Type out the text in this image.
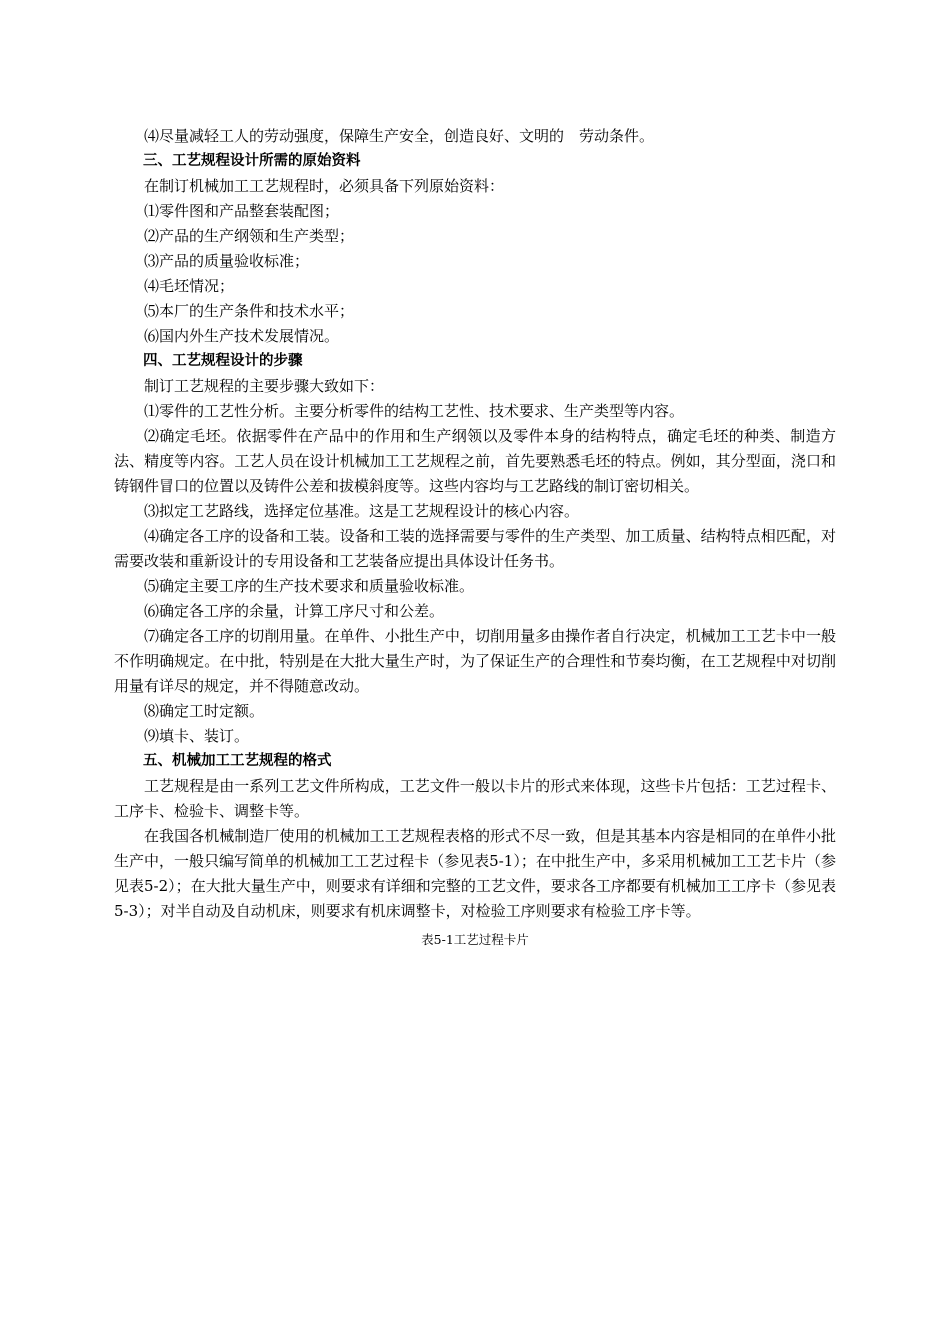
⑷尽量减轻工人的劳动强度，保障生产安全，创造良好、文明的　劳动条件。

三、工艺规程设计所需的原始资料

在制订机械加工工艺规程时，必须具备下列原始资料：

⑴零件图和产品整套装配图；

⑵产品的生产纲领和生产类型；

⑶产品的质量验收标准；

⑷毛坯情况；

⑸本厂的生产条件和技术水平；

⑹国内外生产技术发展情况。

四、工艺规程设计的步骤

制订工艺规程的主要步骤大致如下：

⑴零件的工艺性分析。主要分析零件的结构工艺性、技术要求、生产类型等内容。

⑵确定毛坯。依据零件在产品中的作用和生产纲领以及零件本身的结构特点，确定毛坯的种类、制造方法、精度等内容。工艺人员在设计机械加工工艺规程之前，首先要熟悉毛坯的特点。例如，其分型面，浇口和铸钢件冒口的位置以及铸件公差和拔模斜度等。这些内容均与工艺路线的制订密切相关。

⑶拟定工艺路线，选择定位基准。这是工艺规程设计的核心内容。

⑷确定各工序的设备和工装。设备和工装的选择需要与零件的生产类型、加工质量、结构特点相匹配，对需要改装和重新设计的专用设备和工艺装备应提出具体设计任务书。

⑸确定主要工序的生产技术要求和质量验收标准。

⑹确定各工序的余量，计算工序尺寸和公差。

⑺确定各工序的切削用量。在单件、小批生产中，切削用量多由操作者自行决定，机械加工工艺卡中一般不作明确规定。在中批，特别是在大批大量生产时，为了保证生产的合理性和节奏均衡，在工艺规程中对切削用量有详尽的规定，并不得随意改动。

⑻确定工时定额。

⑼填卡、装订。

五、机械加工工艺规程的格式

工艺规程是由一系列工艺文件所构成，工艺文件一般以卡片的形式来体现，这些卡片包括：工艺过程卡、工序卡、检验卡、调整卡等。

在我国各机械制造厂使用的机械加工工艺规程表格的形式不尽一致，但是其基本内容是相同的在单件小批生产中，一般只编写简单的机械加工工艺过程卡（参见表5-1）；在中批生产中，多采用机械加工工艺卡片（参见表5-2）；在大批大量生产中，则要求有详细和完整的工艺文件，要求各工序都要有机械加工工序卡（参见表5-3）；对半自动及自动机床，则要求有机床调整卡，对检验工序则要求有检验工序卡等。

表5-1工艺过程卡片
